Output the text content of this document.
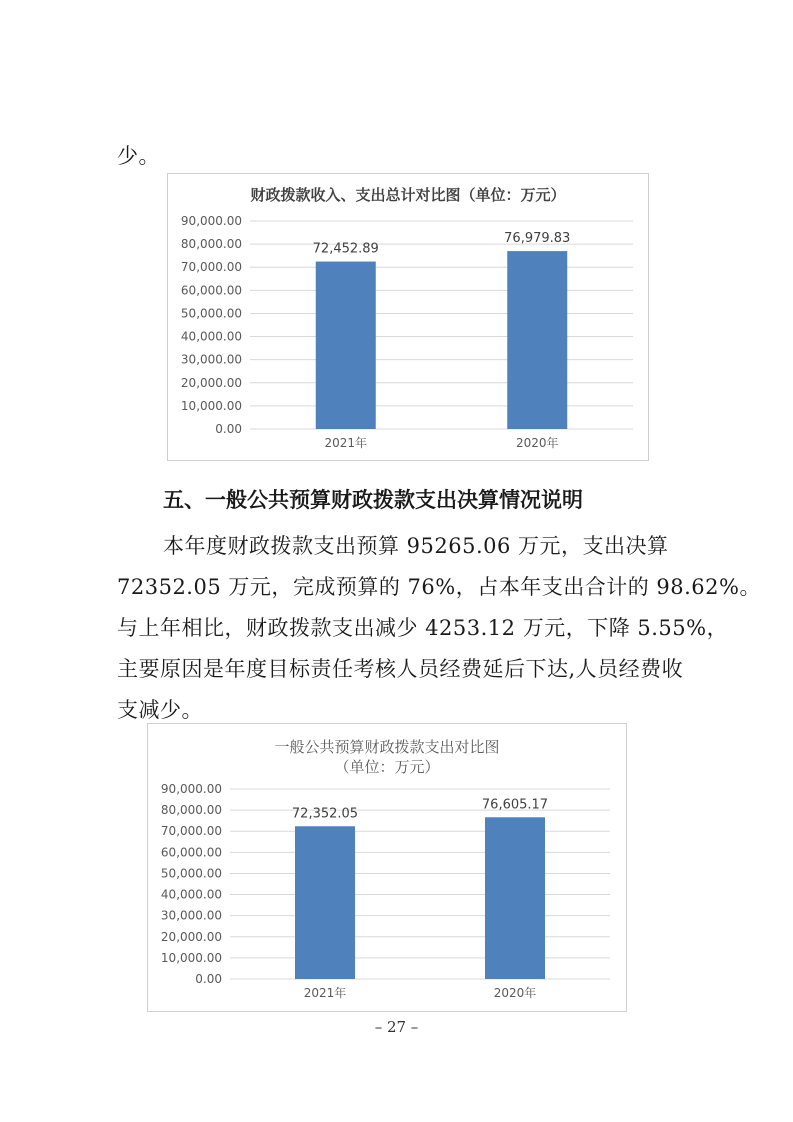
少。

财政拨款收入、支出总计对比图（单位：万元）

90,000.00
80,000.00
70,000.00
60,000.00
50,000.00
40,000.00
30,000.00
20,000.00
10,000.00
0.00
72,452.89
2021年
76,979.83
2020年

五、一般公共预算财政拨款支出决算情况说明

本年度财政拨款支出预算 95265.06 万元，支出决算

72352.05 万元，完成预算的 76%，占本年支出合计的 98.62%。

与上年相比，财政拨款支出减少 4253.12 万元，下降 5.55%，

主要原因是年度目标责任考核人员经费延后下达,人员经费收

支减少。

一般公共预算财政拨款支出对比图

（单位：万元）

90,000.00
80,000.00
70,000.00
60,000.00
50,000.00
40,000.00
30,000.00
20,000.00
10,000.00
0.00
72,352.05
2021年
76,605.17
2020年
– 27 –
